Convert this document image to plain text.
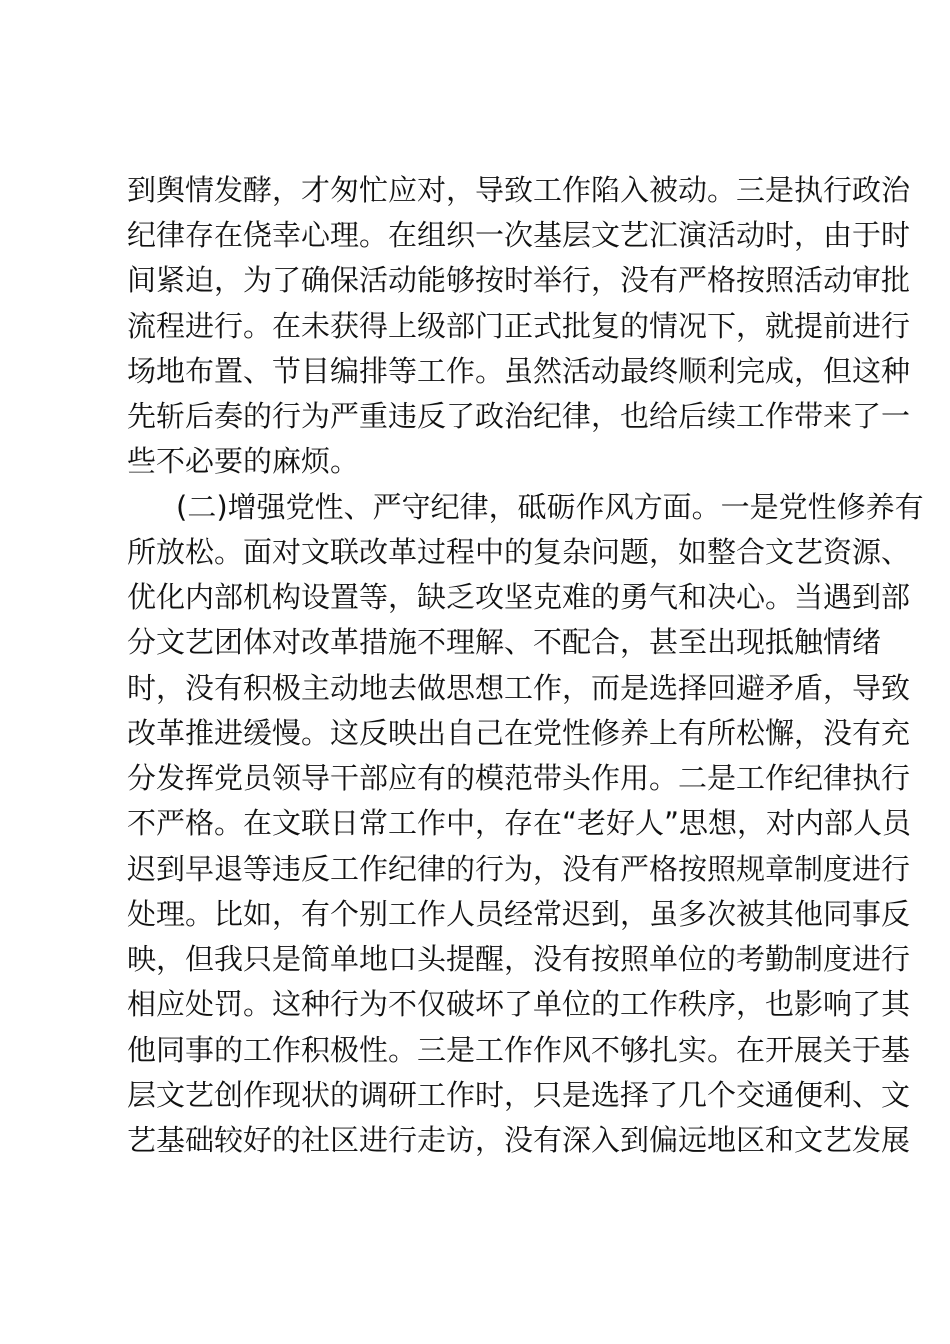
到舆情发酵，才匆忙应对，导致工作陷入被动。三是执行政治
纪律存在侥幸心理。在组织一次基层文艺汇演活动时，由于时
间紧迫，为了确保活动能够按时举行，没有严格按照活动审批
流程进行。在未获得上级部门正式批复的情况下，就提前进行
场地布置、节目编排等工作。虽然活动最终顺利完成，但这种
先斩后奏的行为严重违反了政治纪律，也给后续工作带来了一
些不必要的麻烦。
(二)增强党性、严守纪律，砥砺作风方面。一是党性修养有
所放松。面对文联改革过程中的复杂问题，如整合文艺资源、
优化内部机构设置等，缺乏攻坚克难的勇气和决心。当遇到部
分文艺团体对改革措施不理解、不配合，甚至出现抵触情绪
时，没有积极主动地去做思想工作，而是选择回避矛盾，导致
改革推进缓慢。这反映出自己在党性修养上有所松懈，没有充
分发挥党员领导干部应有的模范带头作用。二是工作纪律执行
不严格。在文联日常工作中，存在“老好人”思想，对内部人员
迟到早退等违反工作纪律的行为，没有严格按照规章制度进行
处理。比如，有个别工作人员经常迟到，虽多次被其他同事反
映，但我只是简单地口头提醒，没有按照单位的考勤制度进行
相应处罚。这种行为不仅破坏了单位的工作秩序，也影响了其
他同事的工作积极性。三是工作作风不够扎实。在开展关于基
层文艺创作现状的调研工作时，只是选择了几个交通便利、文
艺基础较好的社区进行走访，没有深入到偏远地区和文艺发展
